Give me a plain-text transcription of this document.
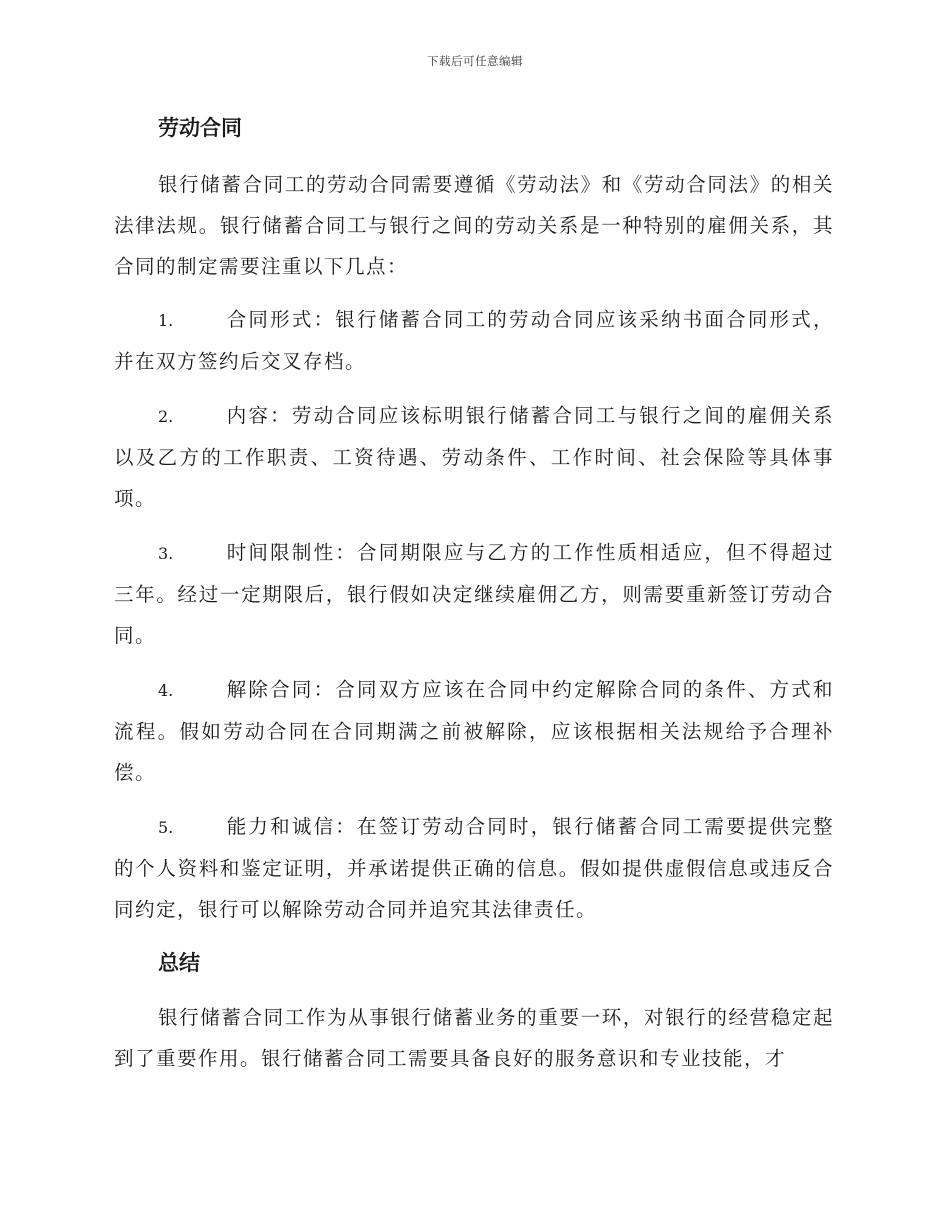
下载后可任意编辑

劳动合同

银行储蓄合同工的劳动合同需要遵循《劳动法》和《劳动合同法》的相关法律法规。银行储蓄合同工与银行之间的劳动关系是一种特别的雇佣关系，其合同的制定需要注重以下几点：

1.	合同形式：银行储蓄合同工的劳动合同应该采纳书面合同形式，并在双方签约后交叉存档。
2.	内容：劳动合同应该标明银行储蓄合同工与银行之间的雇佣关系以及乙方的工作职责、工资待遇、劳动条件、工作时间、社会保险等具体事项。
3.	时间限制性：合同期限应与乙方的工作性质相适应，但不得超过三年。经过一定期限后，银行假如决定继续雇佣乙方，则需要重新签订劳动合同。
4.	解除合同：合同双方应该在合同中约定解除合同的条件、方式和流程。假如劳动合同在合同期满之前被解除，应该根据相关法规给予合理补偿。
5.	能力和诚信：在签订劳动合同时，银行储蓄合同工需要提供完整的个人资料和鉴定证明，并承诺提供正确的信息。假如提供虚假信息或违反合同约定，银行可以解除劳动合同并追究其法律责任。
总结

银行储蓄合同工作为从事银行储蓄业务的重要一环，对银行的经营稳定起到了重要作用。银行储蓄合同工需要具备良好的服务意识和专业技能，才
